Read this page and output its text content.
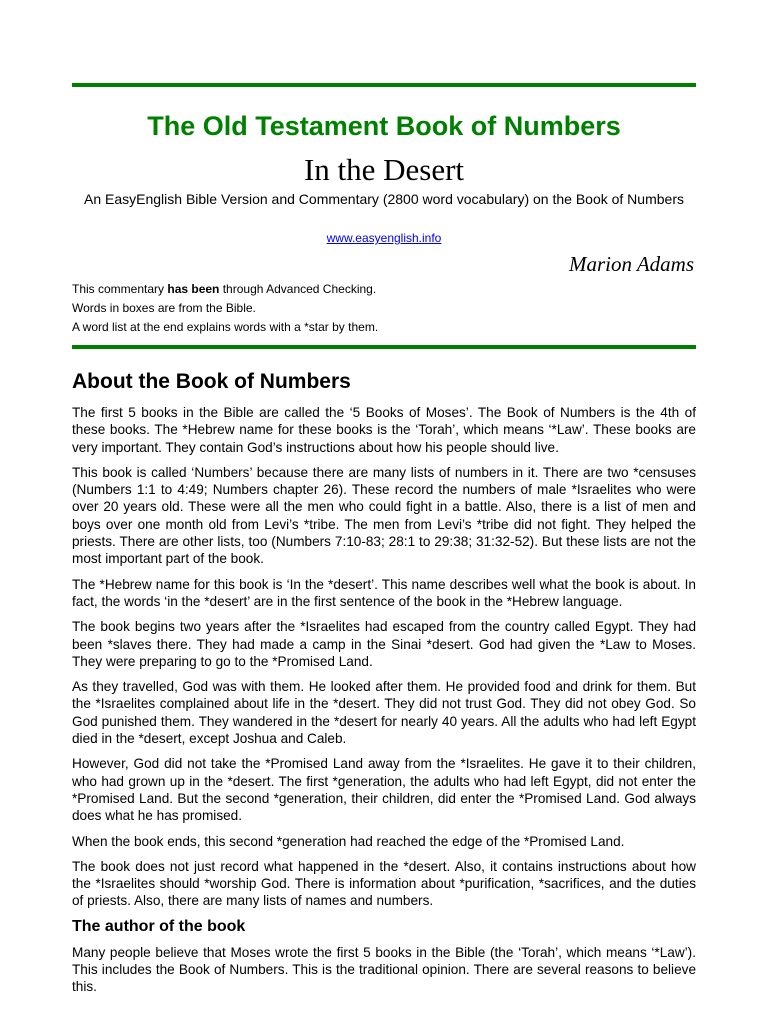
The Old Testament Book of Numbers
In the Desert

An EasyEnglish Bible Version and Commentary (2800 word vocabulary) on the Book of Numbers

www.easyenglish.info

Marion Adams

This commentary has been through Advanced Checking.

Words in boxes are from the Bible.

A word list at the end explains words with a *star by them.

About the Book of Numbers

The first 5 books in the Bible are called the ‘5 Books of Moses’. The Book of Numbers is the 4th of these books. The *Hebrew name for these books is the ‘Torah’, which means ‘*Law’. These books are very important. They contain God’s instructions about how his people should live.

This book is called ‘Numbers’ because there are many lists of numbers in it. There are two *censuses (Numbers 1:1 to 4:49; Numbers chapter 26). These record the numbers of male *Israelites who were over 20 years old. These were all the men who could fight in a battle. Also, there is a list of men and boys over one month old from Levi’s *tribe. The men from Levi’s *tribe did not fight. They helped the priests. There are other lists, too (Numbers 7:10-83; 28:1 to 29:38; 31:32-52). But these lists are not the most important part of the book.

The *Hebrew name for this book is ‘In the *desert’. This name describes well what the book is about. In fact, the words ‘in the *desert’ are in the first sentence of the book in the *Hebrew language.

The book begins two years after the *Israelites had escaped from the country called Egypt. They had been *slaves there. They had made a camp in the Sinai *desert. God had given the *Law to Moses. They were preparing to go to the *Promised Land.

As they travelled, God was with them. He looked after them. He provided food and drink for them. But the *Israelites complained about life in the *desert. They did not trust God. They did not obey God. So God punished them. They wandered in the *desert for nearly 40 years. All the adults who had left Egypt died in the *desert, except Joshua and Caleb.

However, God did not take the *Promised Land away from the *Israelites. He gave it to their children, who had grown up in the *desert. The first *generation, the adults who had left Egypt, did not enter the *Promised Land. But the second *generation, their children, did enter the *Promised Land. God always does what he has promised.

When the book ends, this second *generation had reached the edge of the *Promised Land.

The book does not just record what happened in the *desert. Also, it contains instructions about how the *Israelites should *worship God. There is information about *purification, *sacrifices, and the duties of priests. Also, there are many lists of names and numbers.

The author of the book

Many people believe that Moses wrote the first 5 books in the Bible (the ‘Torah’, which means ‘*Law’). This includes the Book of Numbers. This is the traditional opinion. There are several reasons to believe this.
